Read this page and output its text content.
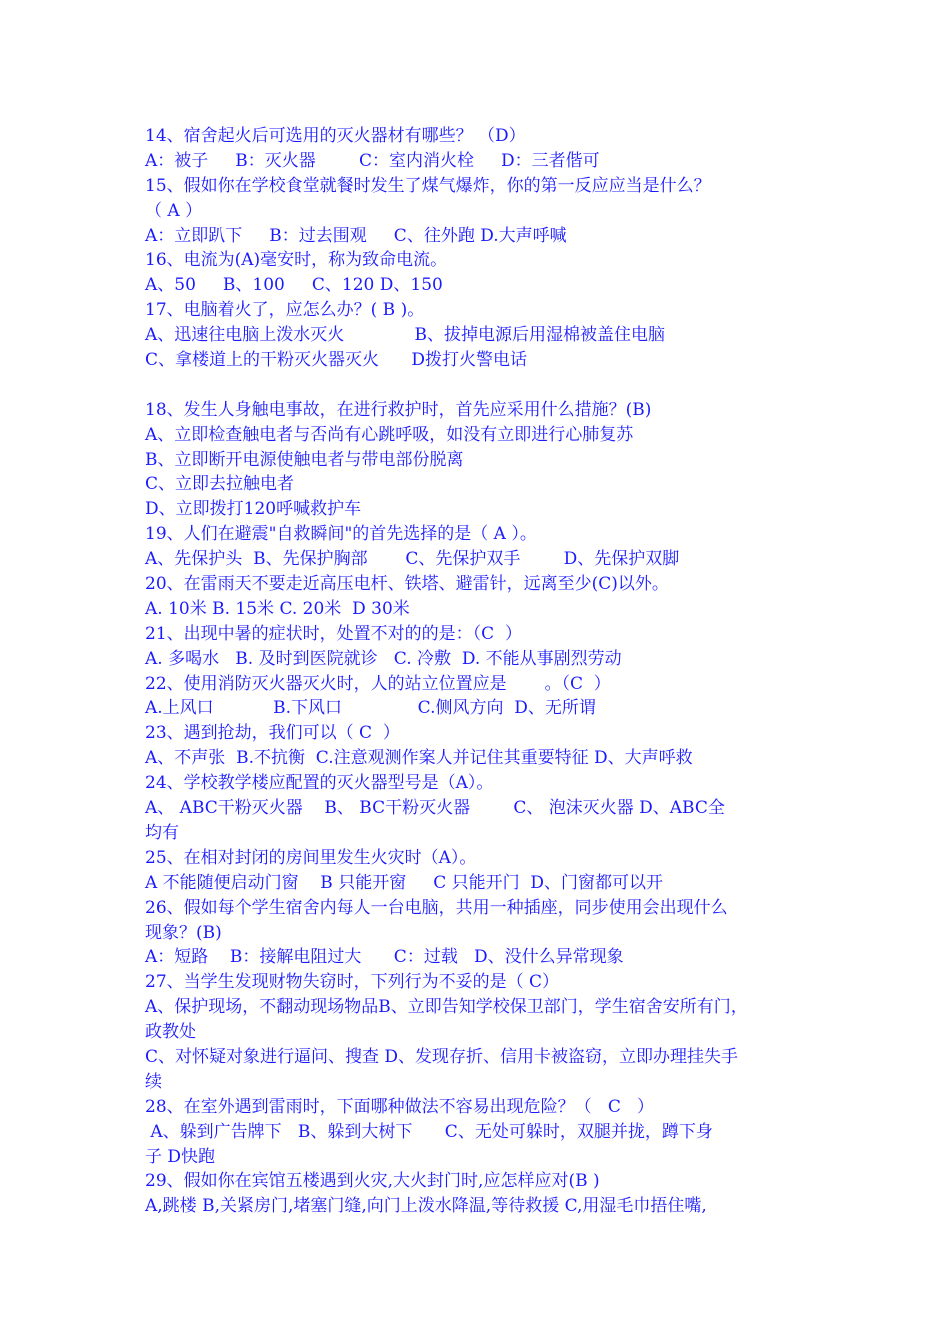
14、宿舍起火后可选用的灭火器材有哪些？ （D）
A：被子     B：灭火器        C：室内消火栓     D：三者偕可
15、假如你在学校食堂就餐时发生了煤气爆炸，你的第一反应应当是什么？
（ A ）
A：立即趴下     B：过去围观     C、往外跑 D.大声呼喊
16、电流为(A)毫安时，称为致命电流。
A、50     B、100     C、120 D、150
17、电脑着火了，应怎么办？( B )。
A、迅速往电脑上泼水灭火             B、拔掉电源后用湿棉被盖住电脑
C、拿楼道上的干粉灭火器灭火      D拨打火警电话
18、发生人身触电事故，在进行救护时，首先应采用什么措施？(B)
A、立即检查触电者与否尚有心跳呼吸，如没有立即进行心肺复苏
B、立即断开电源使触电者与带电部份脱离
C、立即去拉触电者
D、立即拨打120呼喊救护车
19、人们在避震"自救瞬间"的首先选择的是（ A ）。
A、先保护头  B、先保护胸部       C、先保护双手        D、先保护双脚
20、在雷雨天不要走近高压电杆、铁塔、避雷针，远离至少(C)以外。
A. 10米 B. 15米 C. 20米  D 30米
21、出现中暑的症状时，处置不对的的是：（C  ）
A. 多喝水   B. 及时到医院就诊   C. 冷敷  D. 不能从事剧烈劳动
22、使用消防灭火器灭火时，人的站立位置应是       。（C  ）
A.上风口           B.下风口              C.侧风方向  D、无所谓
23、遇到抢劫，我们可以（ C  ）
A、不声张  B.不抗衡  C.注意观测作案人并记住其重要特征 D、大声呼救
24、学校教学楼应配置的灭火器型号是（A）。
A、 ABC干粉灭火器    B、 BC干粉灭火器        C、 泡沫灭火器 D、ABC全
均有
25、在相对封闭的房间里发生火灾时（A）。
A 不能随便启动门窗    B 只能开窗     C 只能开门  D、门窗都可以开
26、假如每个学生宿舍内每人一台电脑，共用一种插座，同步使用会出现什么
现象？(B)
A：短路    B：接解电阻过大      C：过载   D、没什么异常现象
27、当学生发现财物失窃时，下列行为不妥的是（ C）
A、保护现场，不翻动现场物品B、立即告知学校保卫部门，学生宿舍安所有门，
政教处
C、对怀疑对象进行逼问、搜查 D、发现存折、信用卡被盗窃，立即办理挂失手
续
28、在室外遇到雷雨时，下面哪种做法不容易出现危险？（   C   ）
A、躲到广告牌下   B、躲到大树下      C、无处可躲时，双腿并拢，蹲下身
子 D快跑
29、假如你在宾馆五楼遇到火灾,大火封门时,应怎样应对(B )
A,跳楼 B,关紧房门,堵塞门缝,向门上泼水降温,等待救援 C,用湿毛巾捂住嘴,
